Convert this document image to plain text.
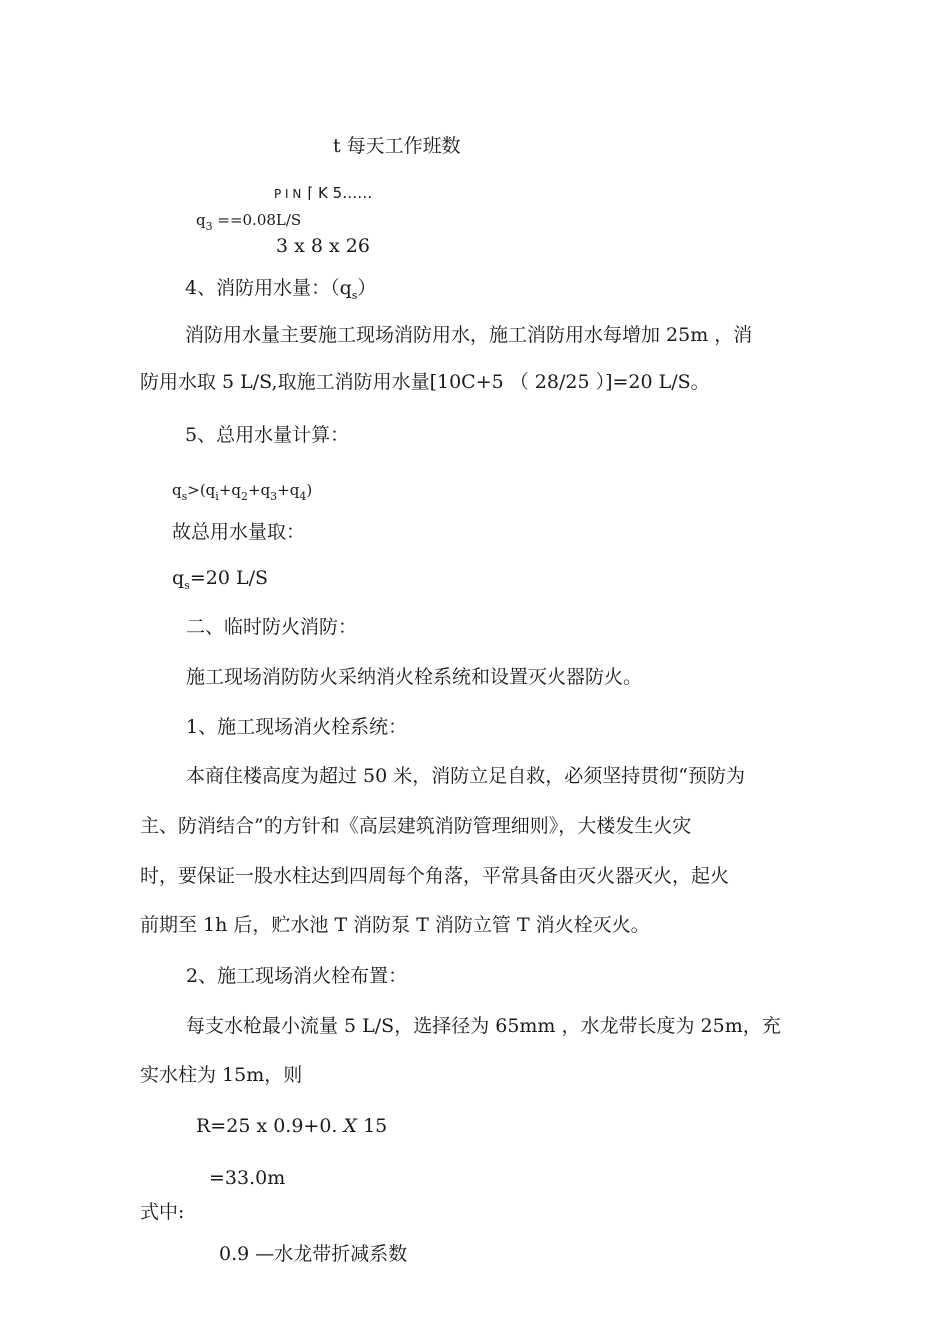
t 每天工作班数
P I N ⌈ K 5……
$q_3 ==0.08L/S$
3 x 8 x 26
4、消防用水量：$(q_s)$
消防用水量主要施工现场消防用水，施工消防用水每增加 25m ，消
防用水取 5 L/S,取施工消防用水量[10C+5 （ 28/25 ）]=20 L/S。
5、总用水量计算：
$q_s>(q_i+q_2+q_3+q_4)$
故总用水量取：
$q_s=20$ L/S
二、临时防火消防：
施工现场消防防火采纳消火栓系统和设置灭火器防火。
1、施工现场消火栓系统：
本商住楼高度为超过 50 米，消防立足自救，必须坚持贯彻“预防为
主、防消结合”的方针和《高层建筑消防管理细则》，大楼发生火灾
时，要保证一股水柱达到四周每个角落，平常具备由灭火器灭火，起火
前期至 1h 后，贮水池 T 消防泵 T 消防立管 T 消火栓灭火。
2、施工现场消火栓布置：
每支水枪最小流量 5 L/S，选择径为 65mm ，水龙带长度为 25m，充
实水柱为 15m，则
R=25 x 0.9+0. X 15
=33.0m
式中:
0.9 —水龙带折减系数
